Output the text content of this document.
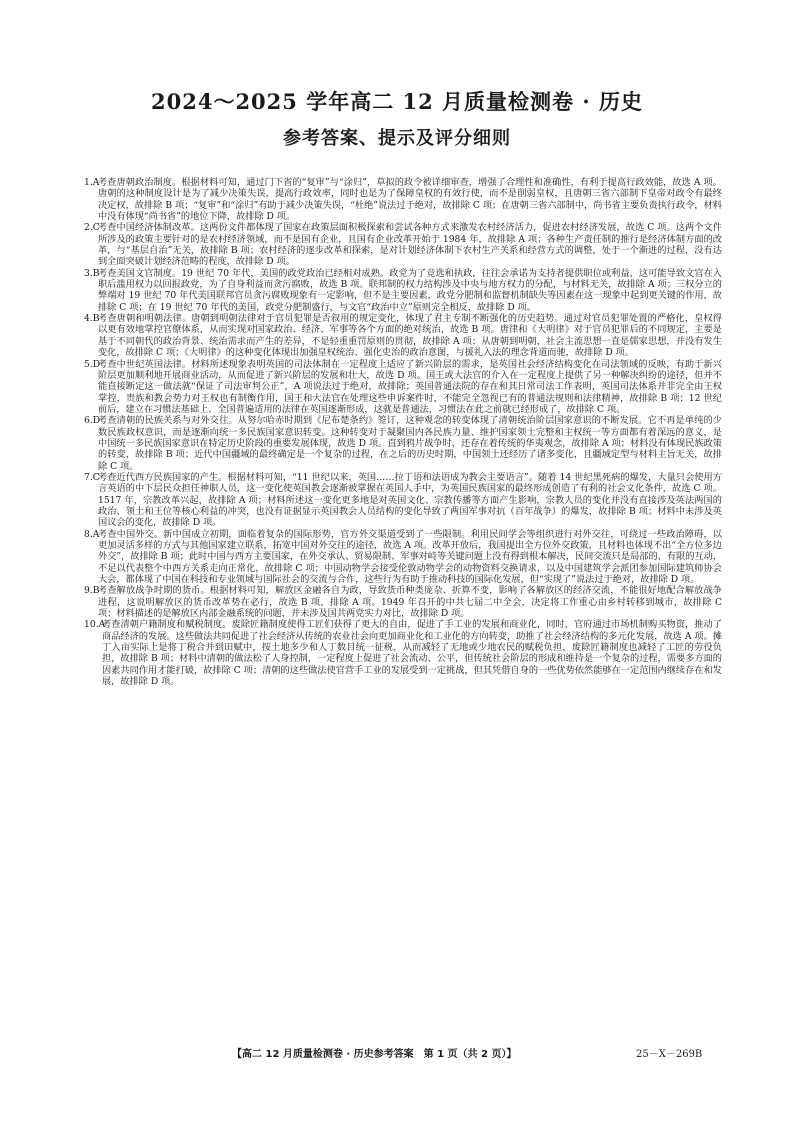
2024～2025 学年高二 12 月质量检测卷 · 历史
参考答案、提示及评分细则
1.A
考查唐朝政治制度。根据材料可知，通过门下省的“复审”与“涂归”，草拟的政令被详细审查，增强了合理性和准确性，有利于提高行政效能，故选 A 项。唐朝的这种制度设计是为了减少决策失误，提高行政效率，同时也是为了保障皇权的有效行使，而不是削弱皇权，且唐朝三省六部制下皇帝对政令有最终决定权，故排除 B 项；“复审”和“涂归”有助于减少决策失误，“杜绝”说法过于绝对，故排除 C 项；在唐朝三省六部制中，尚书省主要负责执行政令，材料中没有体现“尚书省”的地位下降，故排除 D 项。
2.C
考查中国经济体制改革。这两份文件都体现了国家在政策层面积极探索和尝试各种方式来激发农村经济活力，促进农村经济发展，故选 C 项。这两个文件所涉及的政策主要针对的是农村经济领域，而不是国有企业，且国有企业改革开始于 1984 年，故排除 A 项；各种生产责任制的推行是经济体制方面的改革，与“基层自治”无关，故排除 B 项；农村经济的逐步改革和探索，是对计划经济体制下农村生产关系和经营方式的调整，处于一个渐进的过程，没有达到全面突破计划经济范畴的程度，故排除 D 项。
3.B
考查美国文官制度。19 世纪 70 年代，美国的政党政治已经相对成熟。政党为了竞选和执政，往往会承诺为支持者提供职位或利益，这可能导致文官在入职后滥用权力以回报政党，为了自身利益而贪污腐败，故选 B 项。联邦制的权力结构涉及中央与地方权力的分配，与材料无关，故排除 A 项；三权分立的弊端对 19 世纪 70 年代美国联邦官员贪污腐败现象有一定影响，但不是主要因素，政党分肥制和监督机制缺失等因素在这一现象中起到更关键的作用，故排除 C 项；在 19 世纪 70 年代的美国，政党分肥制盛行，与文官“政治中立”原则完全相反，故排除 D 项。
4.B
考查唐朝和明朝法律。唐朝到明朝法律对于官员犯罪是否叙用的规定变化，体现了君主专制不断强化的历史趋势。通过对官员犯罪处置的严格化，皇权得以更有效地掌控官僚体系，从而实现对国家政治、经济、军事等各个方面的绝对统治，故选 B 项。唐律和《大明律》对于官员犯罪后的不同规定，主要是基于不同朝代的政治背景、统治需求而产生的差异，不是轻重重罚原则的贯彻，故排除 A 项；从唐朝到明朝，社会主流思想一直是儒家思想，并没有发生变化，故排除 C 项；《大明律》的这种变化体现出加强皇权统治、强化吏治的政治意图，与援礼入法的理念背道而驰，故排除 D 项。
5.D
考查中世纪英国法律。材料所述现象表明英国的司法体制在一定程度上适应了新兴阶层的需求，是英国社会经济结构变化在司法领域的反映，有助于新兴阶层更加顺利地开展商业活动，从而促进了新兴阶层的发展和壮大，故选 D 项。国王或大法官的介入在一定程度上提供了另一种解决纠纷的途径，但并不能直接断定这一做法就“保证了司法审判公正”，A 项说法过于绝对，故排除；英国普通法院的存在和其日常司法工作表明，英国司法体系并非完全由王权掌控，贵族和教会势力对王权也有制衡作用，国王和大法官在处理这些申诉案件时，不能完全忽视已有的普通法规则和法律精神，故排除 B 项；12 世纪前后，建立在习惯法基础上、全国普遍适用的法律在英国逐渐形成，这就是普通法，习惯法在此之前就已经形成了，故排除 C 项。
6.D
考查清朝的民族关系与对外交往。从努尔哈赤时期到《尼布楚条约》签订，这种观念的转变体现了清朝统治阶层国家意识的不断发展。它不再是单纯的少数民族政权意识，而是逐渐向统一多民族国家意识转变。这种转变对于凝聚国内各民族力量、维护国家领土完整和主权统一等方面都有着深远的意义，是中国统一多民族国家意识在特定历史阶段的重要发展体现，故选 D 项。直到鸦片战争时，还存在着传统的华夷观念，故排除 A 项；材料没有体现民族政策的转变，故排除 B 项；近代中国疆域的最终确定是一个复杂的过程，在之后的历史时期，中国领土还经历了诸多变化，且疆域定型与材料主旨无关，故排除 C 项。
7.C
考查近代西方民族国家的产生。根据材料可知，“11 世纪以来，英国……拉丁语和法语成为教会主要语言”。随着 14 世纪黑死病的爆发，大量只会使用方言英语的中下层民众担任神职人员，这一变化使英国教会逐渐被掌握在英国人手中，为英国民族国家的最终形成创造了有利的社会文化条件，故选 C 项。1517 年，宗教改革兴起，故排除 A 项；材料所述这一变化更多地是对英国文化、宗教传播等方面产生影响，宗教人员的变化并没有直接涉及英法两国的政治、领土和王位等核心利益的冲突，也没有证据显示英国教会人员结构的变化导致了两国军事对抗（百年战争）的爆发，故排除 B 项；材料中未涉及英国议会的变化，故排除 D 项。
8.A
考查中国外交。新中国成立初期，面临着复杂的国际形势，官方外交渠道受到了一些限制。利用民间学会等组织进行对外交往，可绕过一些政治障碍，以更加灵活多样的方式与其他国家建立联系，拓宽中国对外交往的途径，故选 A 项。改革开放后，我国提出全方位外交政策，且材料也体现不出“全方位多边外交”，故排除 B 项；此时中国与西方主要国家，在外交承认、贸易限制、军事对峙等关键问题上没有得到根本解决，民间交流只是局部的、有限的互动，不足以代表整个中西方关系走向正常化，故排除 C 项；中国动物学会接受伦敦动物学会的动物资料交换请求，以及中国建筑学会派团参加国际建筑师协会大会，都体现了中国在科技和专业领域与国际社会的交流与合作，这些行为有助于推动科技的国际化发展，但“实现了”说法过于绝对，故排除 D 项。
9.B
考查解放战争时期的货币。根据材料可知，解放区金融各自为政，导致货币种类庞杂、折算不变，影响了各解放区的经济交流，不能很好地配合解放战争进程，这说明解放区的货币改革势在必行，故选 B 项，排除 A 项。1949 年召开的中共七届二中全会，决定将工作重心由乡村转移到城市，故排除 C 项；材料描述的是解放区内部金融系统的问题，并未涉及国共两党实力对比，故排除 D 项。
10.A
考查清朝户籍制度和赋税制度。废除匠籍制度使得工匠们获得了更大的自由，促进了手工业的发展和商业化，同时，官府通过市场机制购买物资，推动了商品经济的发展。这些做法共同促进了社会经济从传统的农业社会向更加商业化和工业化的方向转变，助推了社会经济结构的多元化发展，故选 A 项。摊丁入亩实际上是将丁税合并到田赋中，按土地多少和人丁数目统一征税，从而减轻了无地或少地农民的赋税负担，废除匠籍制度也减轻了工匠的劳役负担，故排除 B 项；材料中清朝的做法松了人身控制，一定程度上促进了社会流动、公平，但传统社会阶层的形成和维持是一个复杂的过程，需要多方面的因素共同作用才能打破，故排除 C 项；清朝的这些做法使官营手工业的发展受到一定挑战，但其凭借自身的一些优势依然能够在一定范围内继续存在和发展，故排除 D 项。
【高二 12 月质量检测卷 · 历史参考答案　第 1 页（共 2 页）】	25－X－269B
